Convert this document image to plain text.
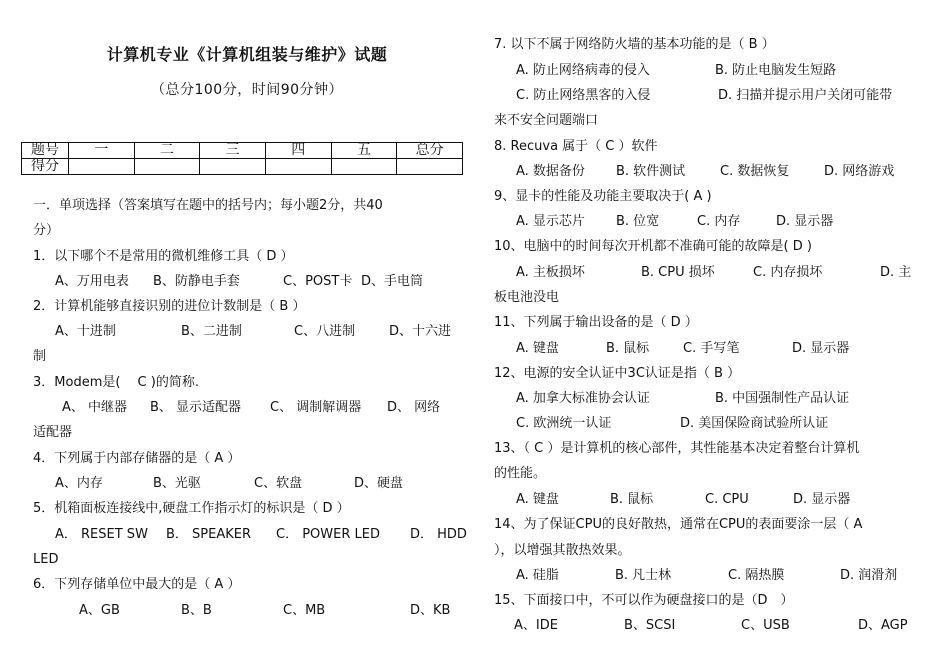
计算机专业《计算机组装与维护》试题
（总分100分，时间90分钟）
题号	一	二	三	四	五	总分
得分						
一．单项选择（答案填写在题中的括号内；每小题2分，共40
分）
1．以下哪个不是常用的微机维修工具（ D ）
A、万用电表 B、防静电手套	C、POST卡 D、手电筒
2．计算机能够直接识别的进位计数制是（ B ）
A、十进制	B、二进制	C、八进制	D、十六进
制
3．Modem是(　 C )的简称.
A、 中继器 B、 显示适配器 C、 调制解调器 D、 网络
适配器
4．下列属于内部存储器的是（ A ）
A、内存	B、光驱	C、软盘	D、硬盘
5．机箱面板连接线中,硬盘工作指示灯的标识是（ D ）
A． RESET SW B． SPEAKER C． POWER LED D． HDD
LED
6．下列存储单位中最大的是（ A ）
A、GB	B、B	C、MB	D、KB
7. 以下不属于网络防火墙的基本功能的是（ B ）
A. 防止网络病毒的侵入	B. 防止电脑发生短路
C. 防止网络黑客的入侵	D. 扫描并提示用户关闭可能带
来不安全问题端口
8. Recuva 属于（ C ）软件
A. 数据备份 B. 软件测试	C. 数据恢复	D. 网络游戏
9、显卡的性能及功能主要取决于( A )
A. 显示芯片 B. 位宽	C. 内存	D. 显示器
10、电脑中的时间每次开机都不准确可能的故障是( D )
A. 主板损坏	B. CPU 损坏	C. 内存损坏	D. 主
板电池没电
11、下列属于输出设备的是（ D ）
A. 键盘	B. 鼠标	C. 手写笔	D. 显示器
12、电源的安全认证中3C认证是指（ B ）
A. 加拿大标准协会认证	B. 中国强制性产品认证
C. 欧洲统一认证	D. 美国保险商试验所认证
13、（ C ）是计算机的核心部件，其性能基本决定着整台计算机
的性能。
A. 键盘	B. 鼠标	C. CPU	D. 显示器
14、为了保证CPU的良好散热，通常在CPU的表面要涂一层（ A
），以增强其散热效果。
A. 硅脂	B. 凡士林	C. 隔热膜	D. 润滑剂
15、下面接口中，不可以作为硬盘接口的是（D　）
A、IDE	B、SCSI	C、USB	D、AGP
